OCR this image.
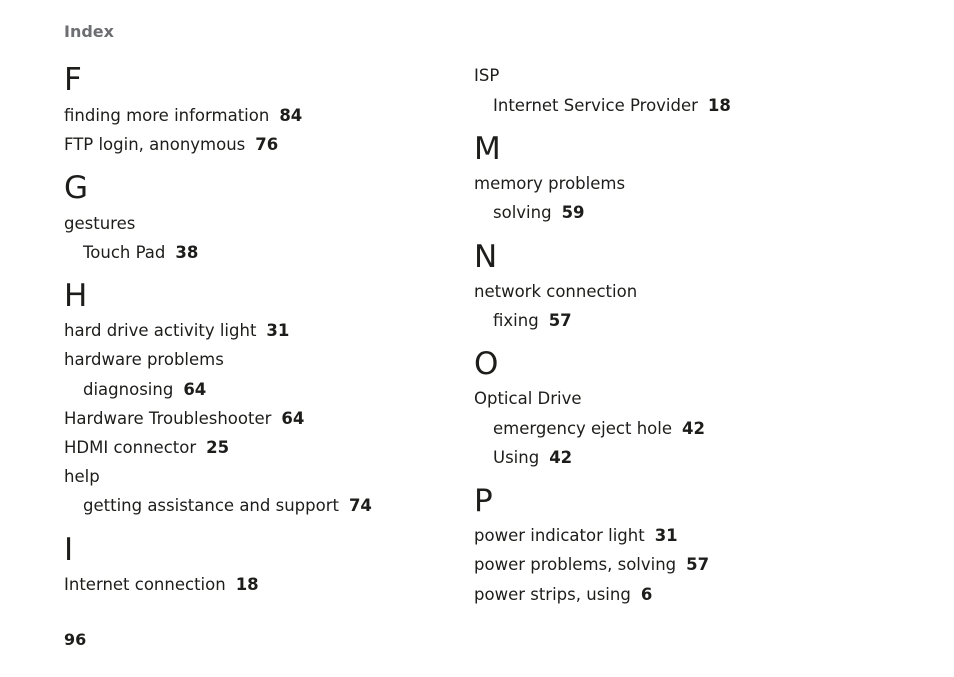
Index
F
finding more information 84
FTP login, anonymous 76
G
gestures
Touch Pad 38
H
hard drive activity light 31
hardware problems
diagnosing 64
Hardware Troubleshooter 64
HDMI connector 25
help
getting assistance and support 74
I
Internet connection 18
ISP
Internet Service Provider 18
M
memory problems
solving 59
N
network connection
fixing 57
O
Optical Drive
emergency eject hole 42
Using 42
P
power indicator light 31
power problems, solving 57
power strips, using 6
96
